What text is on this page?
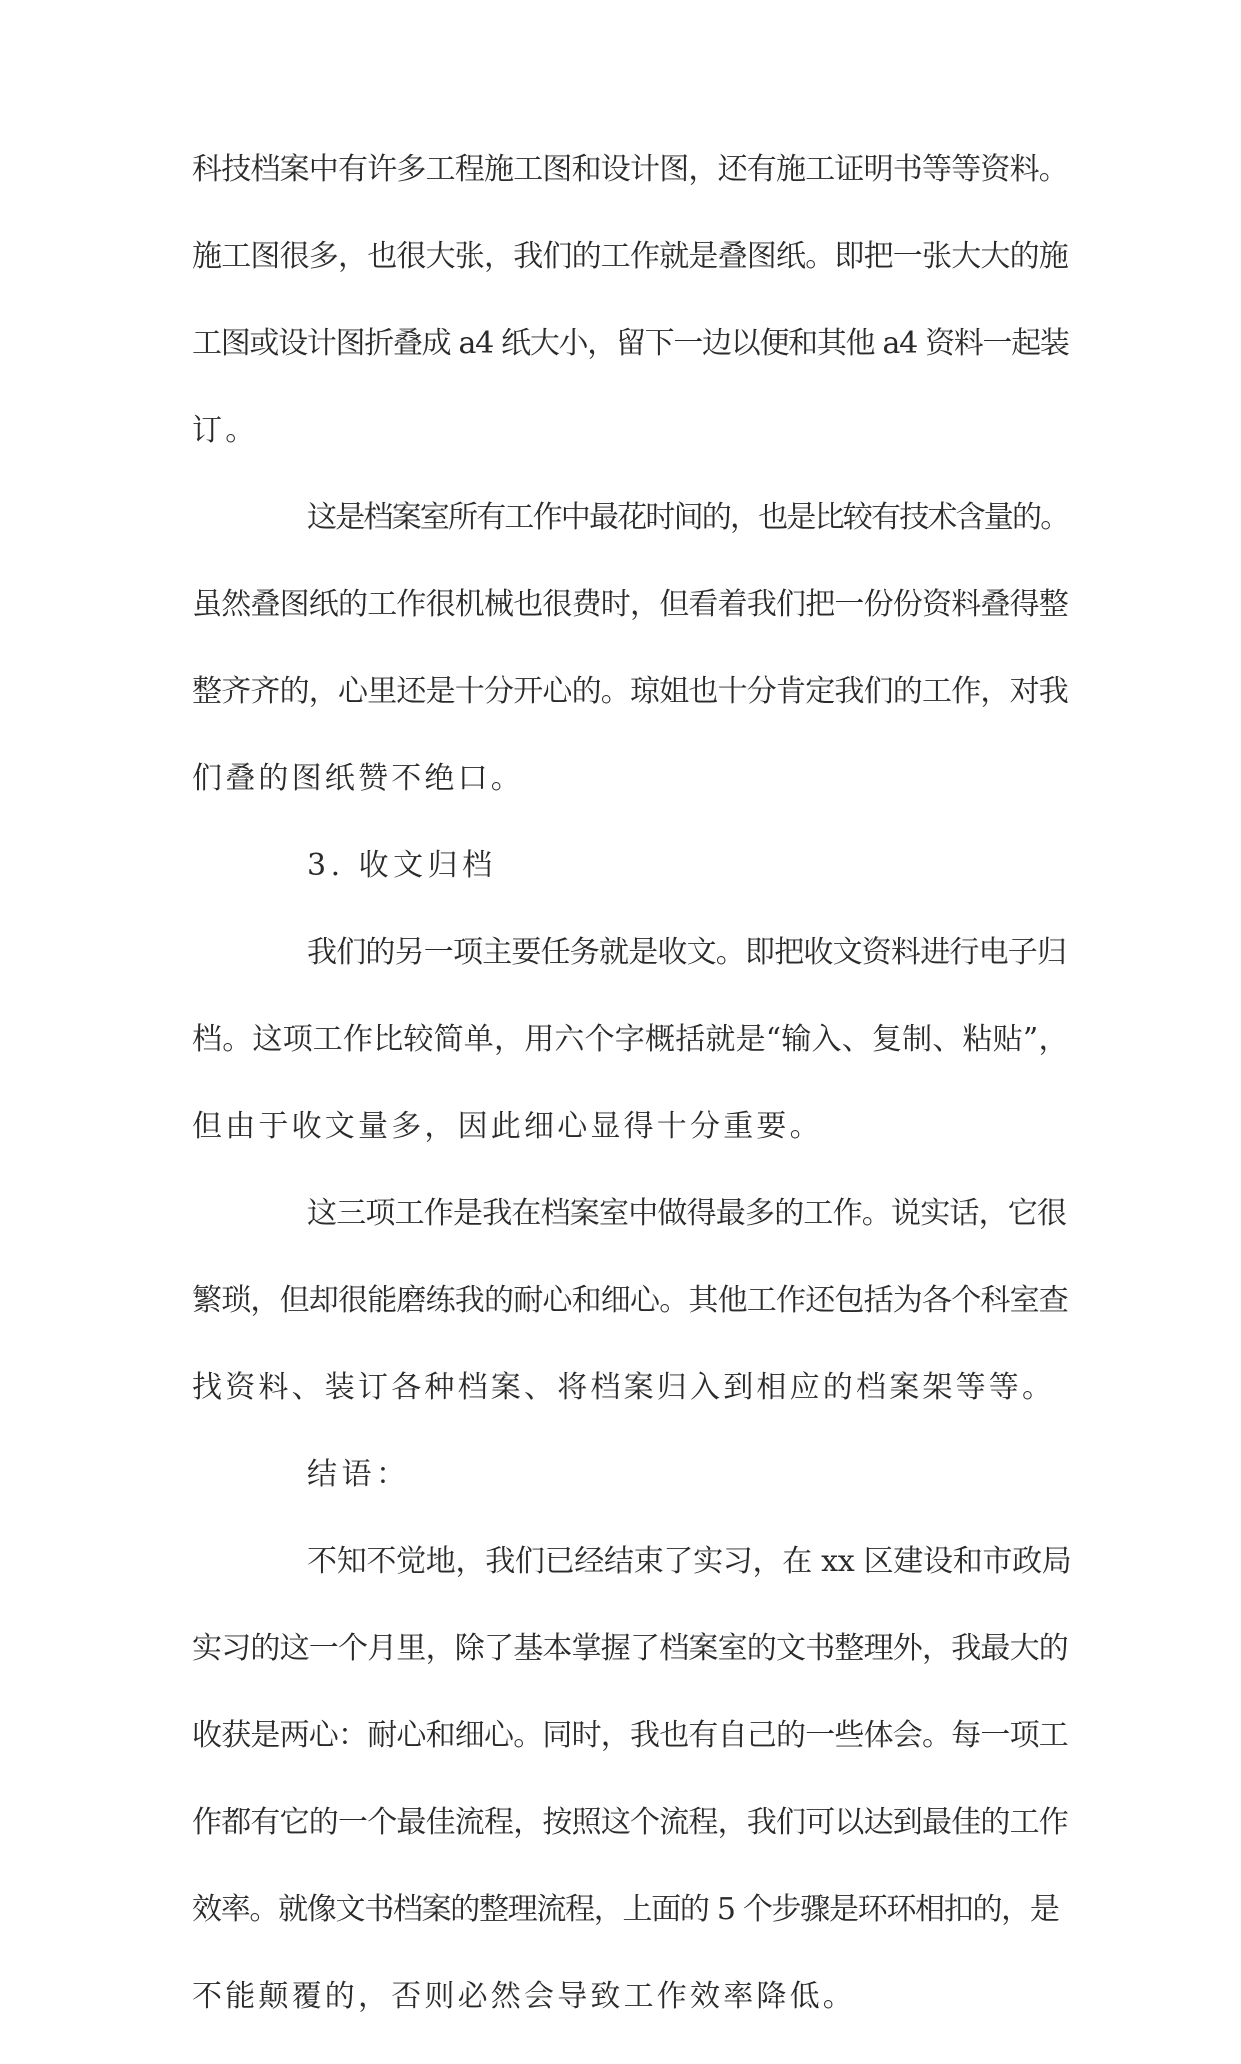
科技档案中有许多工程施工图和设计图，还有施工证明书等等资料。
施工图很多，也很大张，我们的工作就是叠图纸。即把一张大大的施
工图或设计图折叠成 a4 纸大小，留下一边以便和其他 a4 资料一起装
订。
这是档案室所有工作中最花时间的，也是比较有技术含量的。
虽然叠图纸的工作很机械也很费时，但看着我们把一份份资料叠得整
整齐齐的，心里还是十分开心的。琼姐也十分肯定我们的工作，对我
们叠的图纸赞不绝口。
3. 收文归档
我们的另一项主要任务就是收文。即把收文资料进行电子归
档。这项工作比较简单，用六个字概括就是“输入、复制、粘贴”，
但由于收文量多，因此细心显得十分重要。
这三项工作是我在档案室中做得最多的工作。说实话，它很
繁琐，但却很能磨练我的耐心和细心。其他工作还包括为各个科室查
找资料、装订各种档案、将档案归入到相应的档案架等等。
结语：
不知不觉地，我们已经结束了实习，在 xx 区建设和市政局
实习的这一个月里，除了基本掌握了档案室的文书整理外，我最大的
收获是两心：耐心和细心。同时，我也有自己的一些体会。每一项工
作都有它的一个最佳流程，按照这个流程，我们可以达到最佳的工作
效率。就像文书档案的整理流程，上面的 5 个步骤是环环相扣的，是
不能颠覆的，否则必然会导致工作效率降低。
